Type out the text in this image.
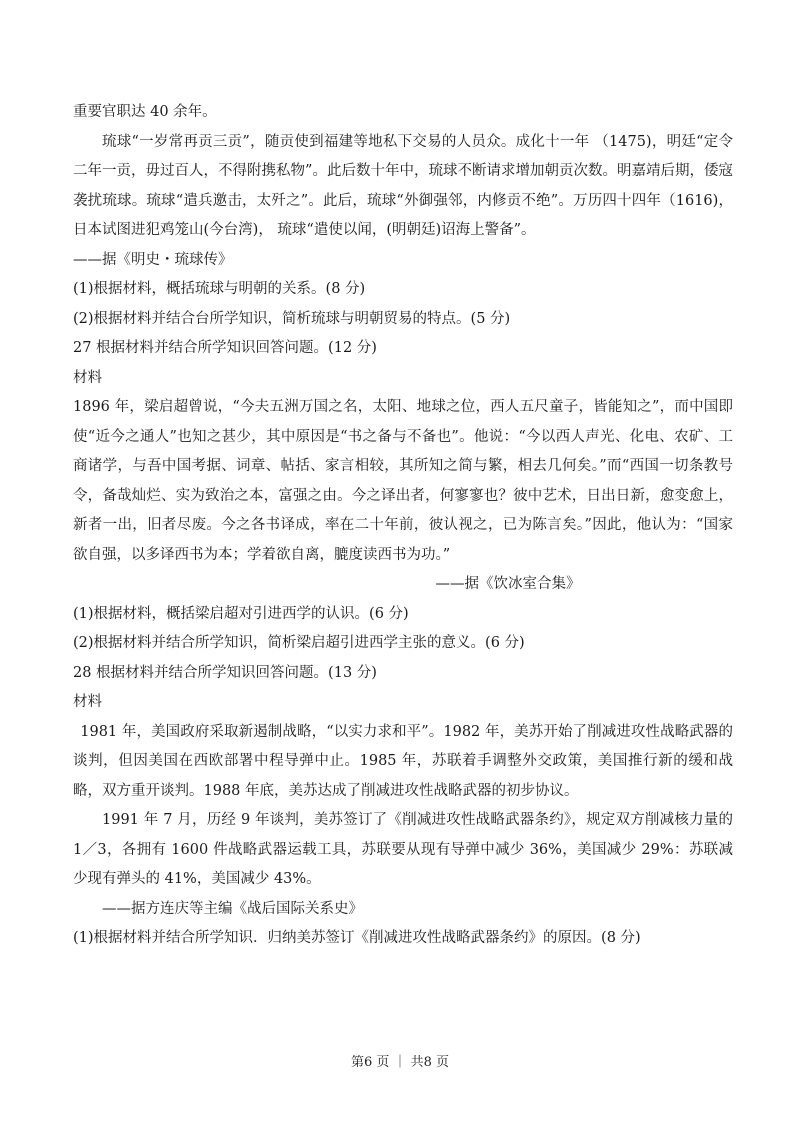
重要官职达 40 余年。

琉球“一岁常再贡三贡”，随贡使到福建等地私下交易的人员众。成化十一年 （1475)，明廷“定令二年一贡，毋过百人，不得附携私物”。此后数十年中，琉球不断请求增加朝贡次数。明嘉靖后期，倭寇袭扰琉球。琉球“遣兵邀击，太歼之”。此后，琉球“外御强邻，内修贡不绝”。万历四十四年（1616)，日本试图进犯鸡笼山(今台湾)， 琉球“遣使以闻，(明朝廷)诏海上警备”。

——据《明史・琉球传》

(1)根据材料，概括琉球与明朝的关系。(8 分)

(2)根据材料并结合台所学知识，简析琉球与明朝贸易的特点。(5 分)

27 根据材料并结合所学知识回答问题。(12 分)

材料

1896 年，梁启超曾说，“今夫五洲万国之名，太阳、地球之位，西人五尺童子，皆能知之”，而中国即使“近今之通人”也知之甚少，其中原因是“书之备与不备也”。他说：“今以西人声光、化电、农矿、工商诸学，与吾中国考据、词章、帖括、家言相较，其所知之简与繁，相去几何矣。”而“西国一切条教号令，备哉灿烂、实为致治之本，富强之由。今之译出者，何寥寥也？彼中艺术，日出日新，愈变愈上，新者一出，旧者尽废。今之各书译成，率在二十年前，彼认视之，已为陈言矣。”因此，他认为：“国家欲自强，以多译西书为本；学着欲自离，膔度读西书为功。”

——据《饮冰室合集》

(1)根据材料，概括梁启超对引进西学的认识。(6 分)

(2)根据材料并结合所学知识，简析梁启超引进西学主张的意义。(6 分)

28 根据材料并结合所学知识回答问题。(13 分)

材料

1981 年，美国政府采取新遏制战略，“以实力求和平”。1982 年，美苏开始了削减进攻性战略武器的谈判，但因美国在西欧部署中程导弹中止。1985 年，苏联着手调整外交政策，美国推行新的缓和战略，双方重开谈判。1988 年底，美苏达成了削减进攻性战略武器的初步协议。

1991 年 7 月，历经 9 年谈判，美苏签订了《削减进攻性战略武器条约》，规定双方削减核力量的 1／3，各拥有 1600 件战略武器运载工具，苏联要从现有导弹中减少 36%，美国减少 29%：苏联减少现有弹头的 41%，美国减少 43%。

——据方连庆等主编《战后国际关系史》

(1)根据材料并结合所学知识．归纳美苏签订《削减进攻性战略武器条约》的原因。(8 分)

第6 页 ｜ 共8 页
